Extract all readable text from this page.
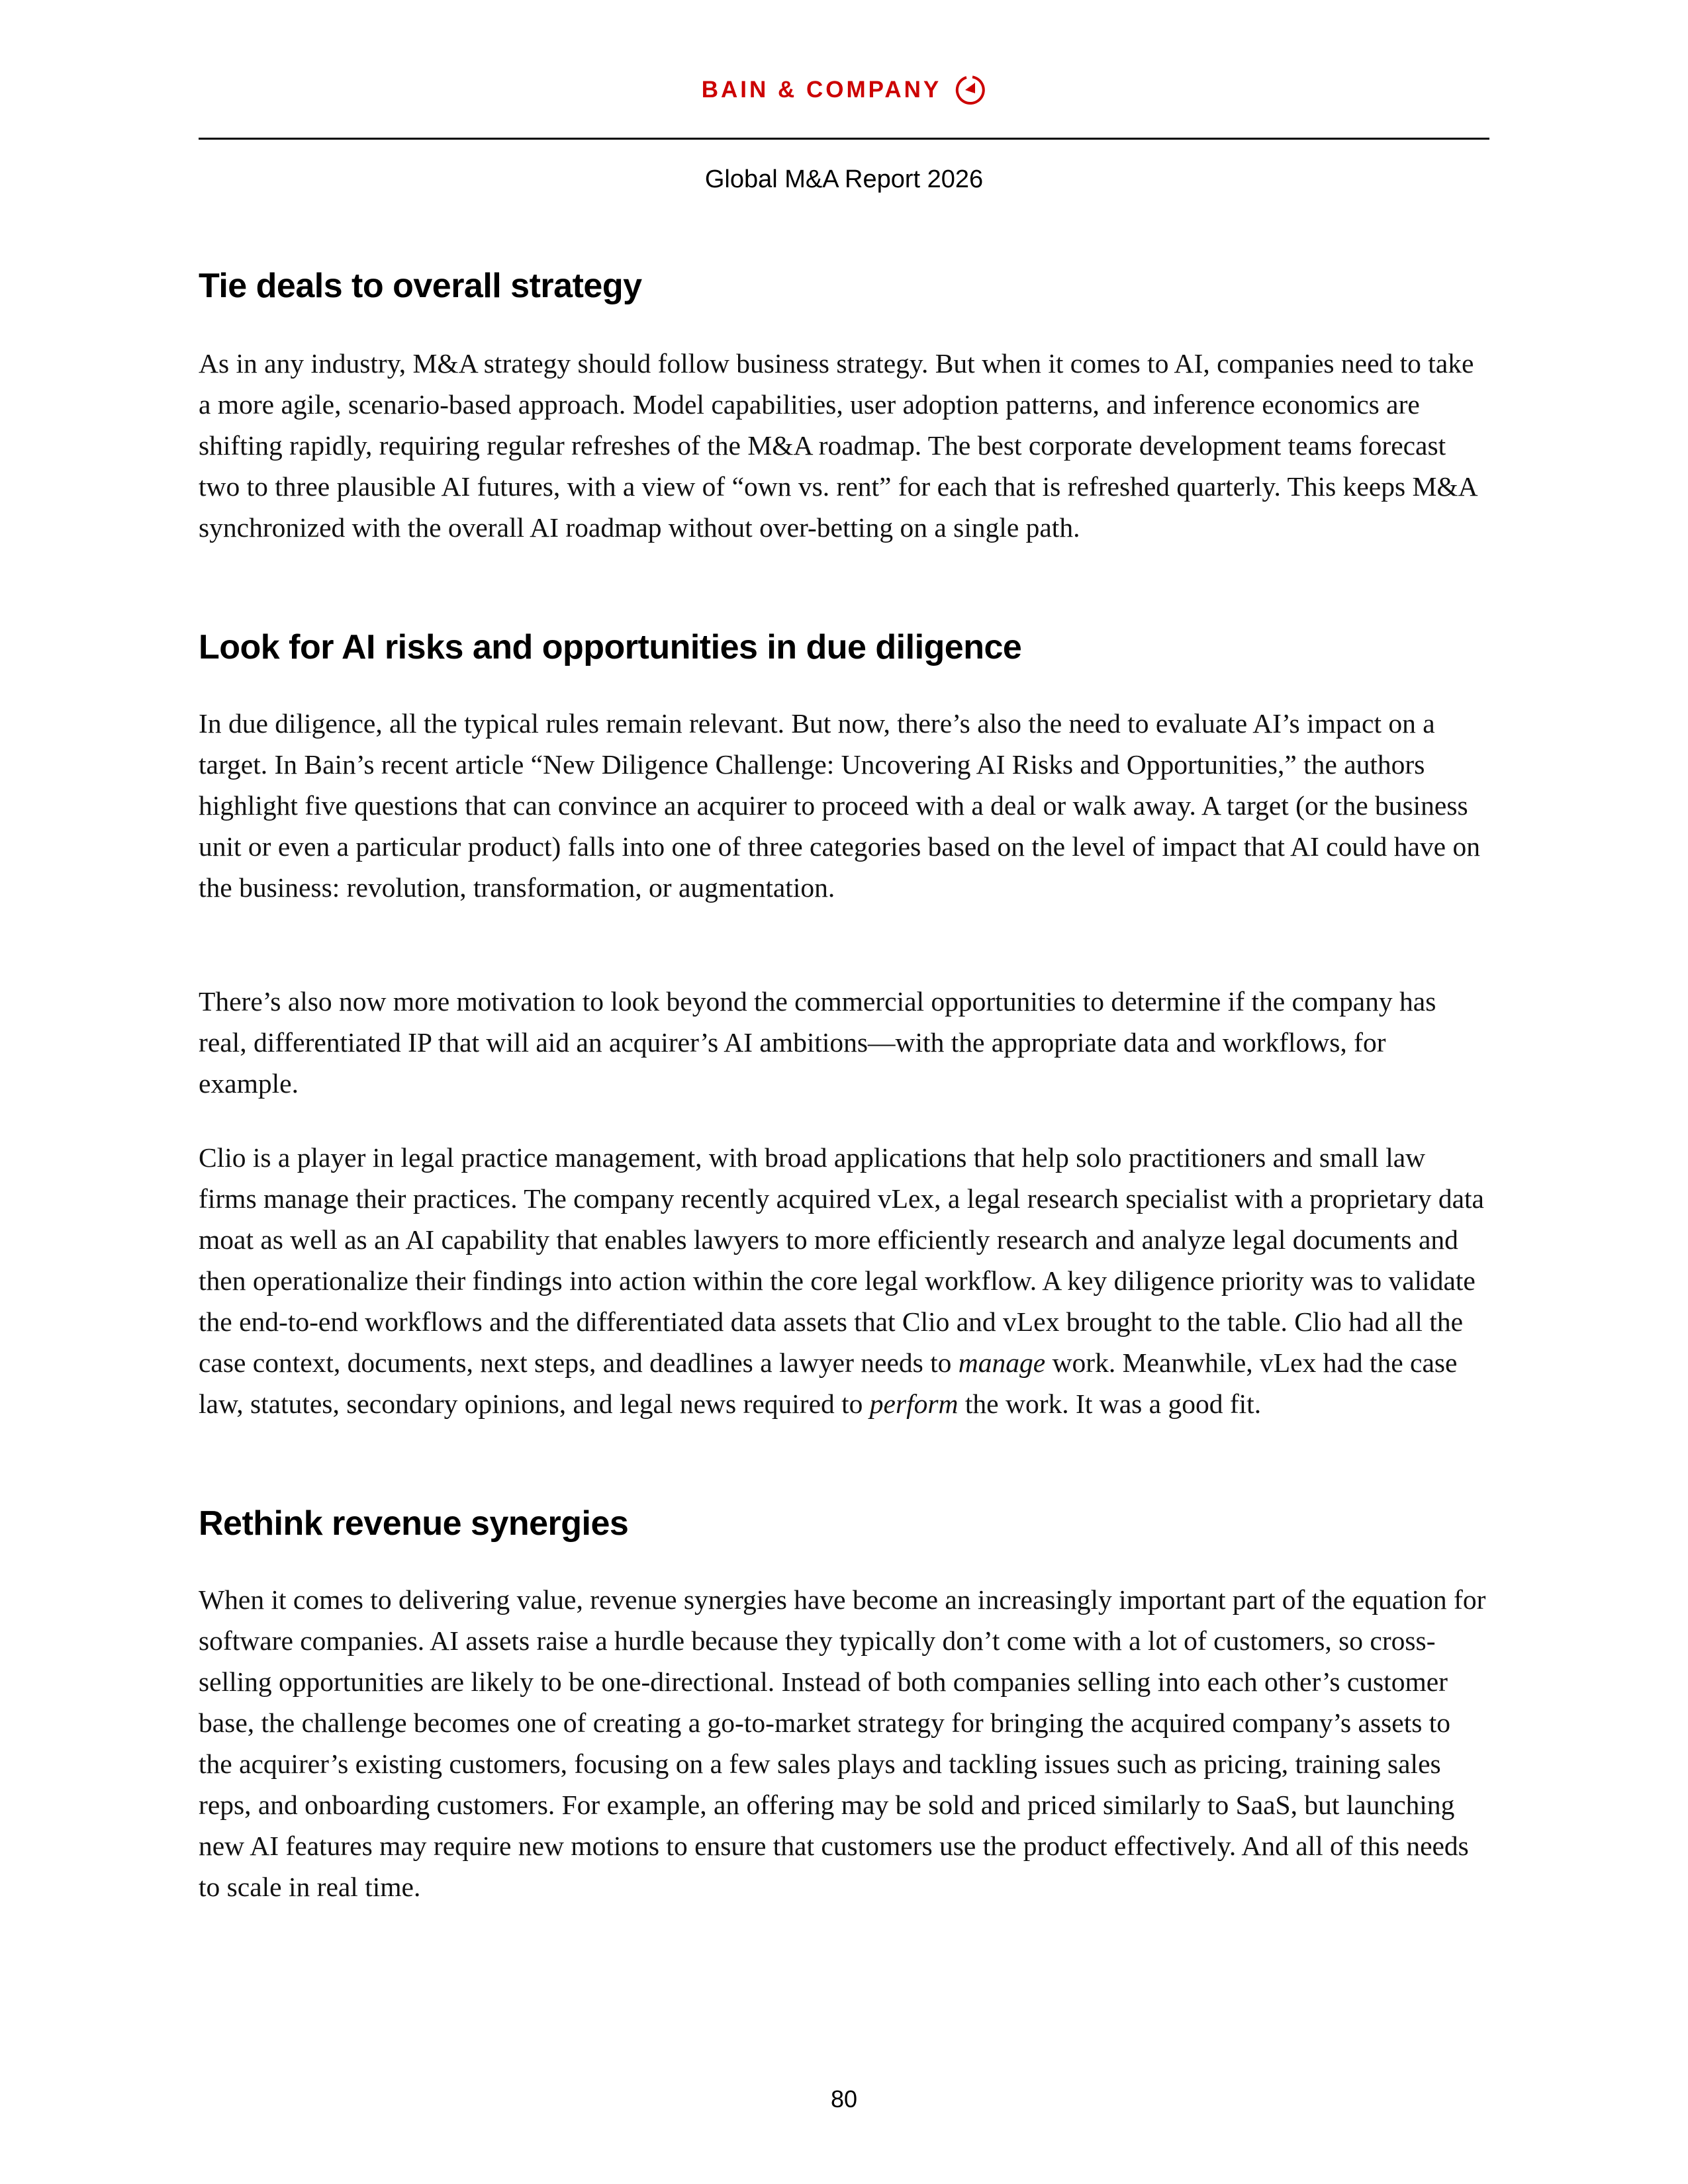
BAIN & COMPANY
Global M&A Report 2026
Tie deals to overall strategy

As in any industry, M&A strategy should follow business strategy. But when it comes to AI, companies need to take a more agile, scenario-based approach. Model capabilities, user adoption patterns, and inference economics are shifting rapidly, requiring regular refreshes of the M&A roadmap. The best corporate development teams forecast two to three plausible AI futures, with a view of “own vs. rent” for each that is refreshed quarterly. This keeps M&A synchronized with the overall AI roadmap without over-betting on a single path.

Look for AI risks and opportunities in due diligence

In due diligence, all the typical rules remain relevant. But now, there’s also the need to evaluate AI’s impact on a target. In Bain’s recent article “New Diligence Challenge: Uncovering AI Risks and Opportunities,” the authors highlight five questions that can convince an acquirer to proceed with a deal or walk away. A target (or the business unit or even a particular product) falls into one of three categories based on the level of impact that AI could have on the business: revolution, transformation, or augmentation.

There’s also now more motivation to look beyond the commercial opportunities to determine if the company has real, differentiated IP that will aid an acquirer’s AI ambitions—with the appropriate data and workflows, for example.

Clio is a player in legal practice management, with broad applications that help solo practitioners and small law firms manage their practices. The company recently acquired vLex, a legal research specialist with a proprietary data moat as well as an AI capability that enables lawyers to more efficiently research and analyze legal documents and then operationalize their findings into action within the core legal workflow. A key diligence priority was to validate the end-to-end workflows and the differentiated data assets that Clio and vLex brought to the table. Clio had all the case context, documents, next steps, and deadlines a lawyer needs to manage work. Meanwhile, vLex had the case law, statutes, secondary opinions, and legal news required to perform the work. It was a good fit.

Rethink revenue synergies

When it comes to delivering value, revenue synergies have become an increasingly important part of the equation for software companies. AI assets raise a hurdle because they typically don’t come with a lot of customers, so cross-selling opportunities are likely to be one-directional. Instead of both companies selling into each other’s customer base, the challenge becomes one of creating a go-to-market strategy for bringing the acquired company’s assets to the acquirer’s existing customers, focusing on a few sales plays and tackling issues such as pricing, training sales reps, and onboarding customers. For example, an offering may be sold and priced similarly to SaaS, but launching new AI features may require new motions to ensure that customers use the product effectively. And all of this needs to scale in real time.

80
